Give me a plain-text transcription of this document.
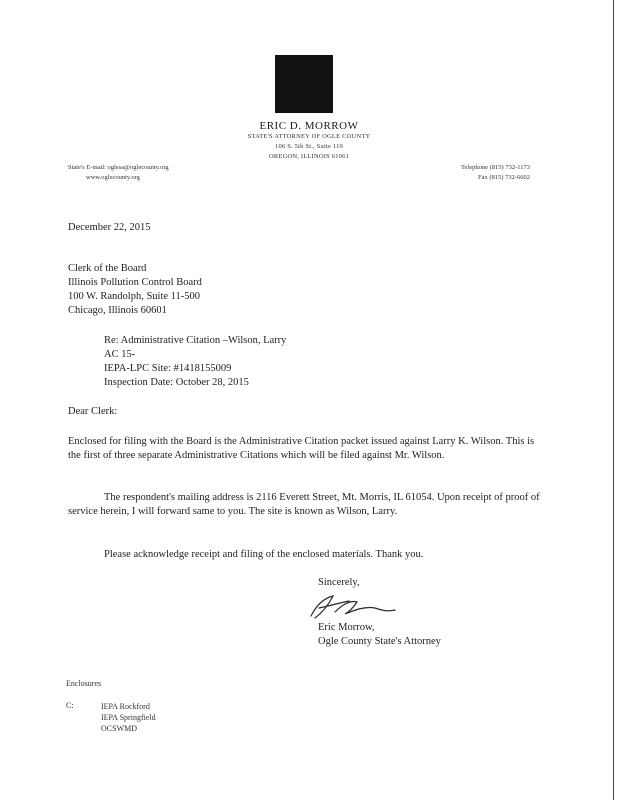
ERIC D. MORROW
STATE'S ATTORNEY OF OGLE COUNTY
106 S. 5th St., Suite 110
OREGON, ILLINOIS 61061
State's E-mail: oglesa@oglecounty.org
www.oglecounty.org
Telephone (815) 732-1173
Fax (815) 732-6602
December 22, 2015
Clerk of the Board
Illinois Pollution Control Board
100 W. Randolph, Suite 11-500
Chicago, Illinois 60601
Re: Administrative Citation –Wilson, Larry
AC 15-
IEPA-LPC Site: #1418155009
Inspection Date: October 28, 2015
Dear Clerk:
Enclosed for filing with the Board is the Administrative Citation packet issued against Larry K. Wilson. This is the first of three separate Administrative Citations which will be filed against Mr. Wilson.
The respondent's mailing address is 2116 Everett Street, Mt. Morris, IL 61054. Upon receipt of proof of service herein, I will forward same to you. The site is known as Wilson, Larry.
Please acknowledge receipt and filing of the enclosed materials. Thank you.
Sincerely,
Eric Morrow,
Ogle County State's Attorney
Enclosures
C:	IEPA Rockford
IEPA Springfield
OCSWMD
